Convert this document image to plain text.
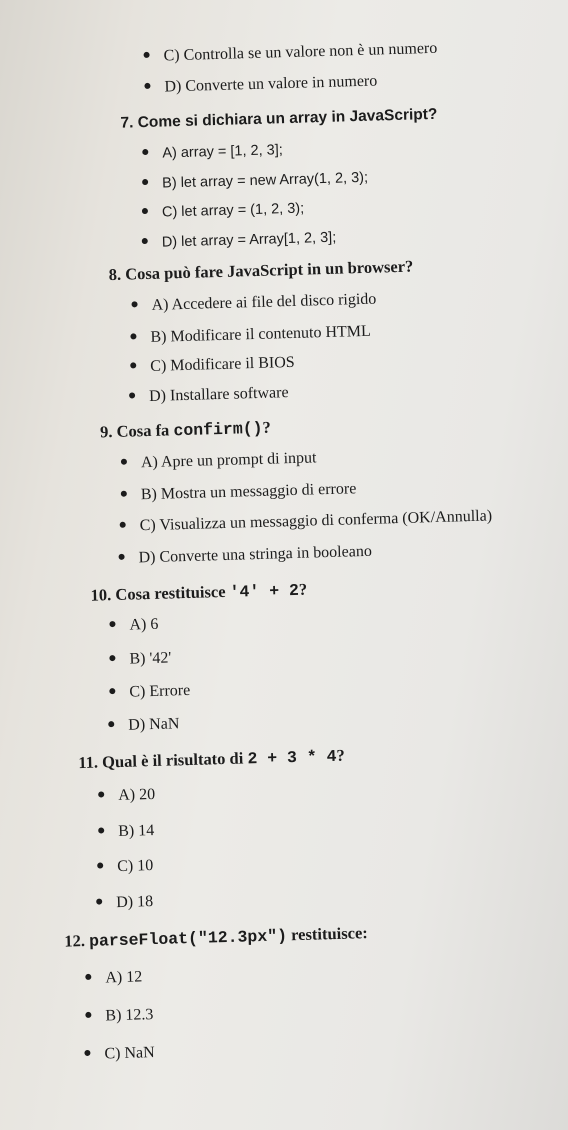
C) Controlla se un valore non è un numero
D) Converte un valore in numero
7. Come si dichiara un array in JavaScript?
A) array = [1, 2, 3];
B) let array = new Array(1, 2, 3);
C) let array = (1, 2, 3);
D) let array = Array[1, 2, 3];
8. Cosa può fare JavaScript in un browser?
A) Accedere ai file del disco rigido
B) Modificare il contenuto HTML
C) Modificare il BIOS
D) Installare software
9. Cosa fa confirm()?
A) Apre un prompt di input
B) Mostra un messaggio di errore
C) Visualizza un messaggio di conferma (OK/Annulla)
D) Converte una stringa in booleano
10. Cosa restituisce '4' + 2?
A) 6
B) '42'
C) Errore
D) NaN
11. Qual è il risultato di 2 + 3 * 4?
A) 20
B) 14
C) 10
D) 18
12. parseFloat("12.3px") restituisce:
A) 12
B) 12.3
C) NaN
